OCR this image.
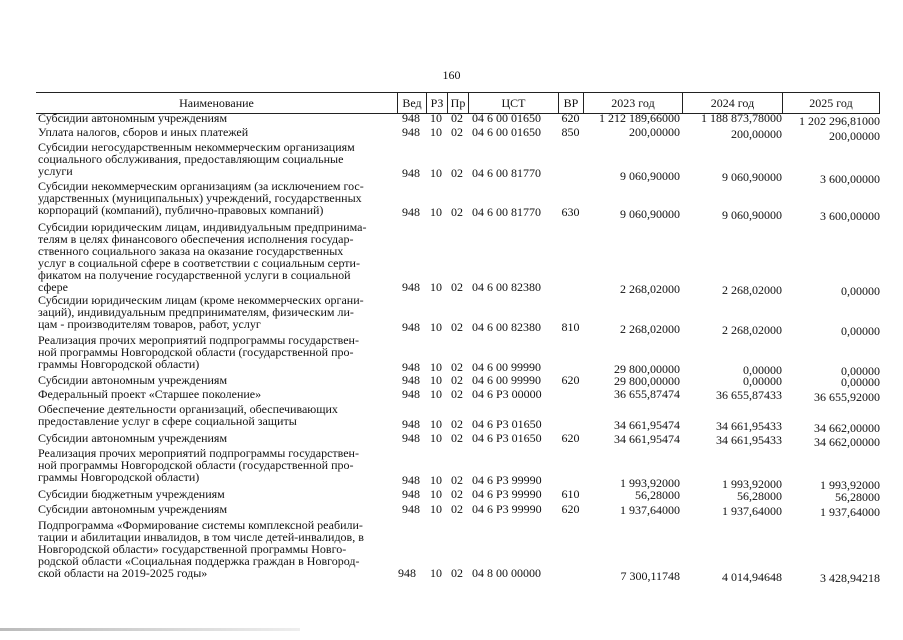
160
Наименование	Вед РЗ Пр	ЦСТ	ВР	2023 год	2024 год	2025 год
Субсидии автономным учреждениям	948 10 02 04 6 00 01650	620	1 212 189,66000	1 188 873,78000	1 202 296,81000
Уплата налогов, сборов и иных платежей	948 10 02 04 6 00 01650	850	200,00000	200,00000	200,00000
Субсидии негосударственным некоммерческим организациям
социального обслуживания, предоставляющим социальные
услуги	948 10 02 04 6 00 81770	9 060,90000	9 060,90000	3 600,00000
Субсидии некоммерческим организациям (за исключением гос-
ударственных (муниципальных) учреждений, государственных
корпораций (компаний), публично-правовых компаний)	948 10 02 04 6 00 81770	630	9 060,90000	9 060,90000	3 600,00000
Субсидии юридическим лицам, индивидуальным предпринима-
телям в целях финансового обеспечения исполнения государ-
ственного социального заказа на оказание государственных
услуг в социальной сфере в соответствии с социальным серти-
фикатом на получение государственной услуги в социальной
сфере	948 10 02 04 6 00 82380	2 268,02000	2 268,02000	0,00000
Субсидии юридическим лицам (кроме некоммерческих органи-
заций), индивидуальным предпринимателям, физическим ли-
цам - производителям товаров, работ, услуг	948 10 02 04 6 00 82380	810	2 268,02000	2 268,02000	0,00000
Реализация прочих мероприятий подпрограммы государствен-
ной программы Новгородской области (государственной про-
граммы Новгородской области)	948 10 02 04 6 00 99990	29 800,00000	0,00000	0,00000
Субсидии автономным учреждениям	948 10 02 04 6 00 99990	620	29 800,00000	0,00000	0,00000
Федеральный проект «Старшее поколение»	948 10 02 04 6 P3 00000	36 655,87474	36 655,87433	36 655,92000
Обеспечение деятельности организаций, обеспечивающих
предоставление услуг в сфере социальной защиты	948 10 02 04 6 P3 01650	34 661,95474	34 661,95433	34 662,00000
Субсидии автономным учреждениям	948 10 02 04 6 P3 01650	620	34 661,95474	34 661,95433	34 662,00000
Реализация прочих мероприятий подпрограммы государствен-
ной программы Новгородской области (государственной про-
граммы Новгородской области)	948 10 02 04 6 P3 99990	1 993,92000	1 993,92000	1 993,92000
Субсидии бюджетным учреждениям	948 10 02 04 6 P3 99990	610	56,28000	56,28000	56,28000
Субсидии автономным учреждениям	948 10 02 04 6 P3 99990	620	1 937,64000	1 937,64000	1 937,64000
Подпрограмма «Формирование системы комплексной реабили-
тации и абилитации инвалидов, в том числе детей-инвалидов, в
Новгородской области» государственной программы Новго-
родской области «Социальная поддержка граждан в Новгород-
ской области на 2019-2025 годы»	948	10 02 04 8 00 00000	7 300,11748	4 014,94648	3 428,94218
